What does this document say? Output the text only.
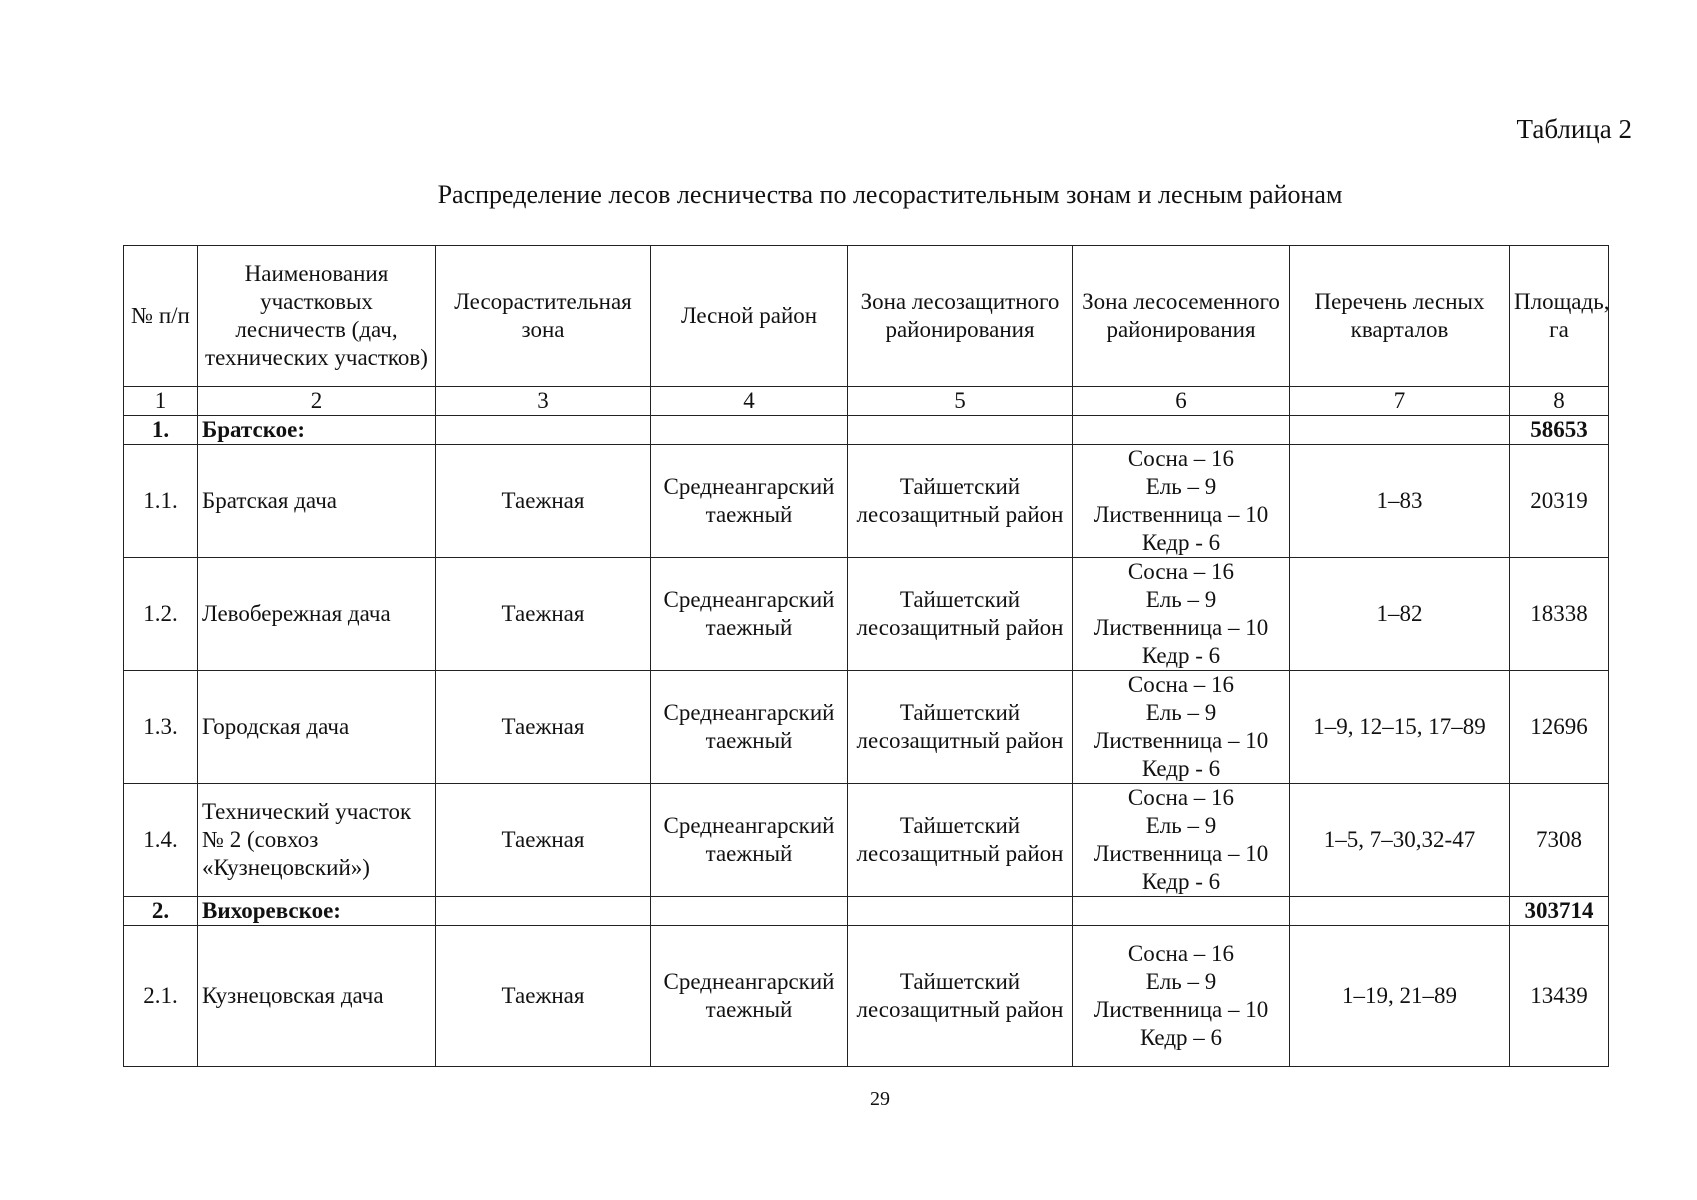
Таблица 2
Распределение лесов лесничества по лесорастительным зонам и лесным районам
№ п/п	Наименования участковых лесничеств (дач, технических участков)	Лесорастительная зона	Лесной район	Зона лесозащитного районирования	Зона лесосеменного районирования	Перечень лесных кварталов	Площадь, га
1	2	3	4	5	6	7	8
1.	Братское:						58653
1.1.	Братская дача	Таежная	Среднеангарский таежный	Тайшетский лесозащитный район	Сосна – 16
Ель – 9
Лиственница – 10
Кедр - 6	1–83	20319
1.2.	Левобережная дача	Таежная	Среднеангарский таежный	Тайшетский лесозащитный район	Сосна – 16
Ель – 9
Лиственница – 10
Кедр - 6	1–82	18338
1.3.	Городская дача	Таежная	Среднеангарский таежный	Тайшетский лесозащитный район	Сосна – 16
Ель – 9
Лиственница – 10
Кедр - 6	1–9, 12–15, 17–89	12696
1.4.	Технический участок № 2 (совхоз «Кузнецовский»)	Таежная	Среднеангарский таежный	Тайшетский лесозащитный район	Сосна – 16
Ель – 9
Лиственница – 10
Кедр - 6	1–5, 7–30,32-47	7308
2.	Вихоревское:						303714
2.1.	Кузнецовская дача	Таежная	Среднеангарский таежный	Тайшетский лесозащитный район	Сосна – 16
Ель – 9
Лиственница – 10
Кедр – 6	1–19, 21–89	13439
29
